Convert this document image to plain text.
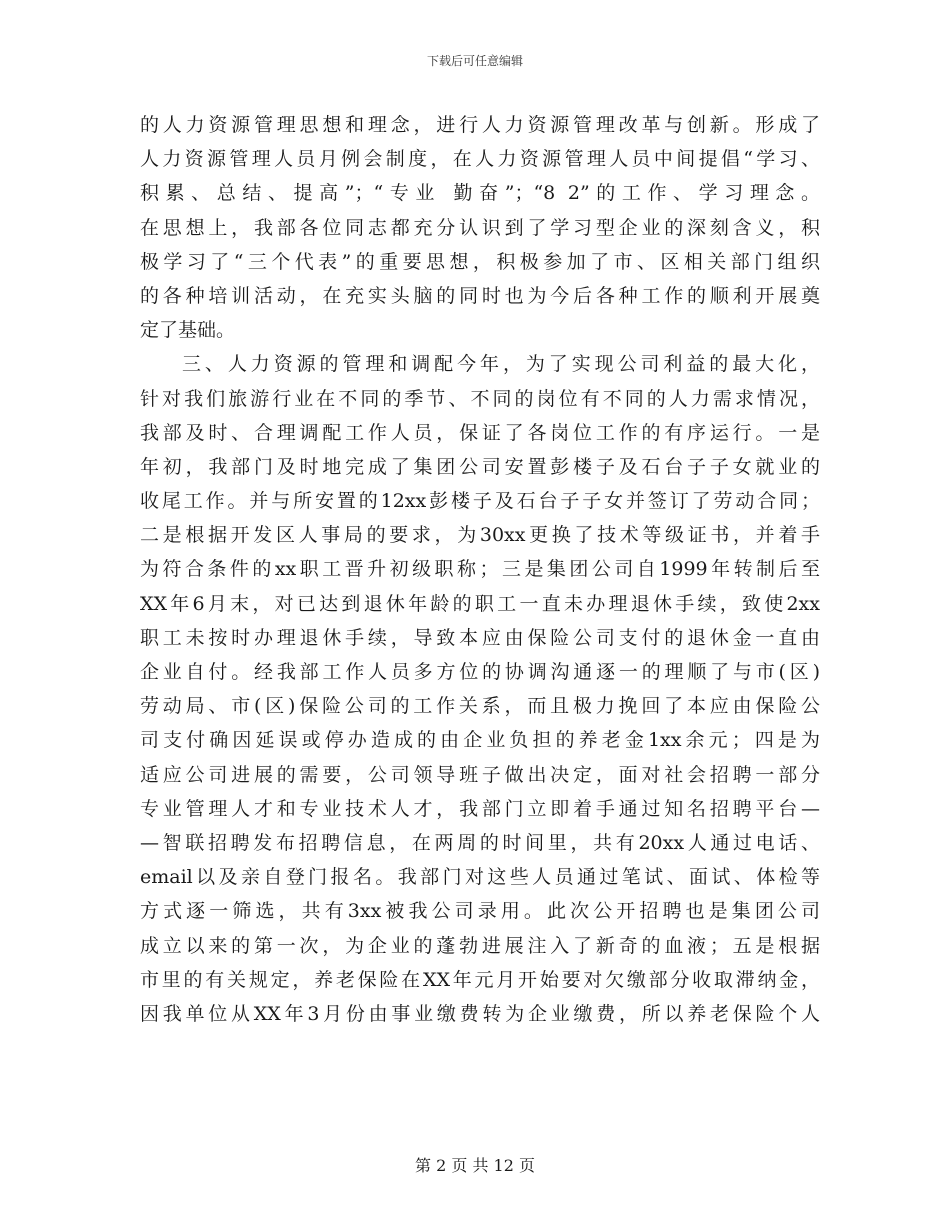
下载后可任意编辑
的人力资源管理思想和理念，进行人力资源管理改革与创新。形成了
人力资源管理人员月例会制度，在人力资源管理人员中间提倡“学习、
积累、总结、提高”；“专业 勤奋”；“8 2”的工作、学习理念。
在思想上，我部各位同志都充分认识到了学习型企业的深刻含义，积
极学习了“三个代表”的重要思想，积极参加了市、区相关部门组织
的各种培训活动，在充实头脑的同时也为今后各种工作的顺利开展奠
定了基础。
三、人力资源的管理和调配今年，为了实现公司利益的最大化，
针对我们旅游行业在不同的季节、不同的岗位有不同的人力需求情况，
我部及时、合理调配工作人员，保证了各岗位工作的有序运行。一是
年初，我部门及时地完成了集团公司安置彭楼子及石台子子女就业的
收尾工作。并与所安置的12xx彭楼子及石台子子女并签订了劳动合同；
二是根据开发区人事局的要求，为30xx更换了技术等级证书，并着手
为符合条件的xx职工晋升初级职称；三是集团公司自1999年转制后至
XX年6月末，对已达到退休年龄的职工一直未办理退休手续，致使2xx
职工未按时办理退休手续，导致本应由保险公司支付的退休金一直由
企业自付。经我部工作人员多方位的协调沟通逐一的理顺了与市(区)
劳动局、市(区)保险公司的工作关系，而且极力挽回了本应由保险公
司支付确因延误或停办造成的由企业负担的养老金1xx余元；四是为
适应公司进展的需要，公司领导班子做出决定，面对社会招聘一部分
专业管理人才和专业技术人才，我部门立即着手通过知名招聘平台—
—智联招聘发布招聘信息，在两周的时间里，共有20xx人通过电话、
email以及亲自登门报名。我部门对这些人员通过笔试、面试、体检等
方式逐一筛选，共有3xx被我公司录用。此次公开招聘也是集团公司
成立以来的第一次，为企业的蓬勃进展注入了新奇的血液；五是根据
市里的有关规定，养老保险在XX年元月开始要对欠缴部分收取滞纳金，
因我单位从XX年3月份由事业缴费转为企业缴费，所以养老保险个人
第 2 页 共 12 页
